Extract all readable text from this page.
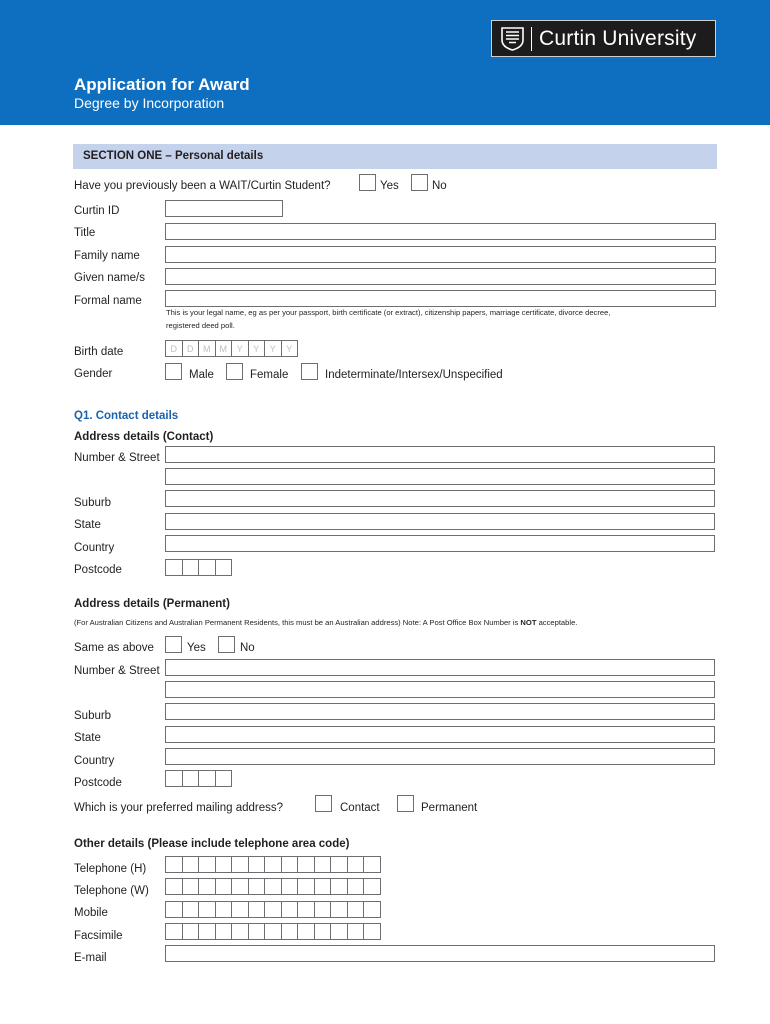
Curtin University
Application for Award
Degree by Incorporation
SECTION ONE – Personal details
Have you previously been a WAIT/Curtin Student?	Yes	No
Curtin ID
Title
Family name
Given name/s
Formal name
This is your legal name, eg as per your passport, birth certificate (or extract), citizenship papers, marriage certificate, divorce decree,
registered deed poll.
Birth date	D	D	M	M	Y	Y	Y	Y
Gender	Male	Female	Indeterminate/Intersex/Unspecified
Q1. Contact details
Address details (Contact)
Number & Street
Suburb
State
Country
Postcode
Address details (Permanent)
(For Australian Citizens and Australian Permanent Residents, this must be an Australian address) Note: A Post Office Box Number is NOT acceptable.
Same as above	Yes	No
Number & Street
Suburb
State
Country
Postcode
Which is your preferred mailing address?	Contact	Permanent
Other details (Please include telephone area code)
Telephone (H)
Telephone (W)
Mobile
Facsimile
E-mail
